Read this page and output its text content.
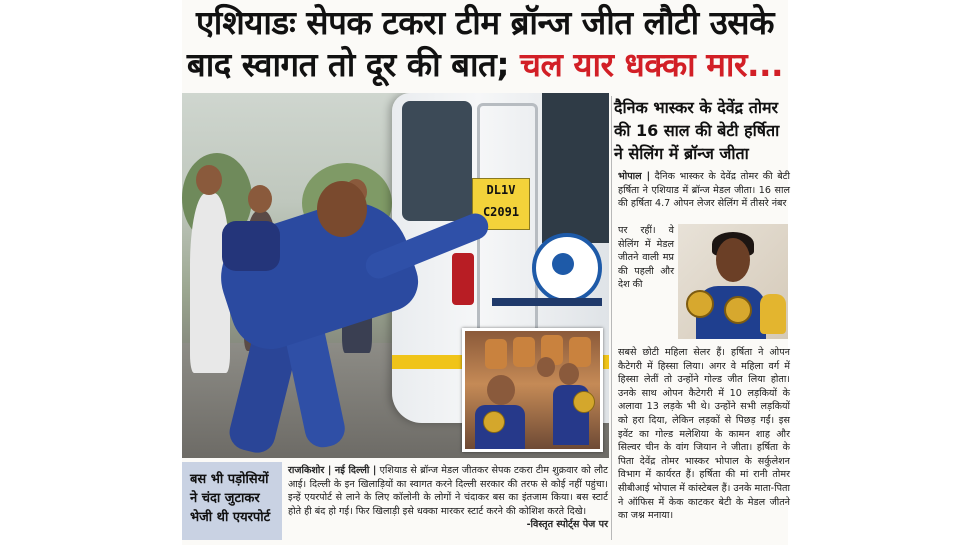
एशियाडः सेपक टकरा टीम ब्रॉन्ज जीत लौटी उसके
बाद स्वागत तो दूर की बात; चल यार धक्का मार...
DL1V
C2091
दैनिक भास्कर के देवेंद्र तोमर की 16 साल की बेटी हर्षिता ने सेलिंग में ब्रॉन्ज जीता
भोपाल | दैनिक भास्कर के देवेंद्र तोमर की बेटी हर्षिता ने एशियाड में ब्रॉन्ज मेडल जीता। 16 साल की हर्षिता 4.7 ओपन लेजर सेलिंग में तीसरे नंबर
पर रहीं। वे सेलिंग में मेडल जीतने वाली मप्र की पहली और देश की
सबसे छोटी महिला सेलर हैं। हर्षिता ने ओपन कैटेगरी में हिस्सा लिया। अगर वे महिला वर्ग में हिस्सा लेतीं तो उन्होंने गोल्ड जीत लिया होता। उनके साथ ओपन कैटेगरी में 10 लड़कियों के अलावा 13 लड़के भी थे। उन्होंने सभी लड़कियों को हरा दिया, लेकिन लड़कों से पिछड़ गईं। इस इवेंट का गोल्ड मलेशिया के कामन शाह और सिल्वर चीन के वांग जियान ने जीता। हर्षिता के पिता देवेंद्र तोमर भास्कर भोपाल के सर्कुलेशन विभाग में कार्यरत हैं। हर्षिता की मां रानी तोमर सीबीआई भोपाल में कांस्टेबल हैं। उनके माता-पिता ने ऑफिस में केक काटकर बेटी के मेडल जीतने का जश्न मनाया।
बस भी पड़ोसियों ने चंदा जुटाकर भेजी थी एयरपोर्ट
राजकिशोर | नई दिल्ली | एशियाड से ब्रॉन्ज मेडल जीतकर सेपक टकरा टीम शुक्रवार को लौट आई। दिल्ली के इन खिलाड़ियों का स्वागत करने दिल्ली सरकार की तरफ से कोई नहीं पहुंचा। इन्हें एयरपोर्ट से लाने के लिए कॉलोनी के लोगों ने चंदाकर बस का इंतजाम किया। बस स्टार्ट होते ही बंद हो गई। फिर खिलाड़ी इसे धक्का मारकर स्टार्ट करने की कोशिश करते दिखे।
-विस्तृत स्पोर्ट्स पेज पर
